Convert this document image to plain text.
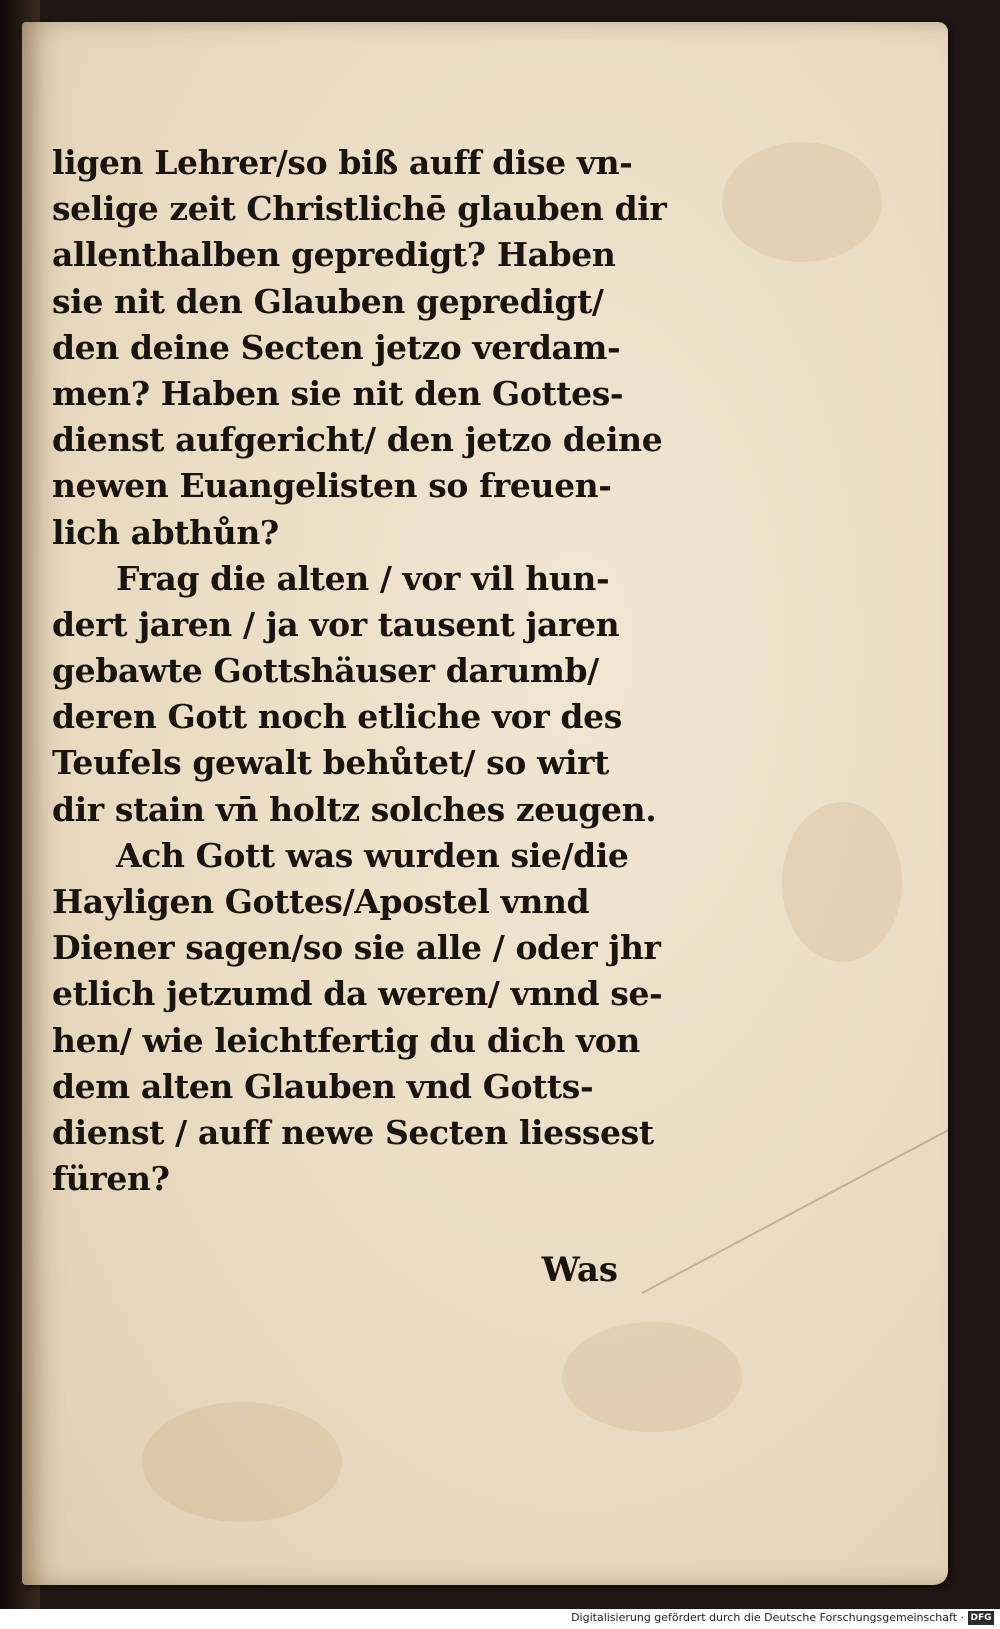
ligen Lehrer/so biß auff dise vn-
selige zeit Christlichē glauben dir
allenthalben gepredigt? Haben
sie nit den Glauben gepredigt/
den deine Secten jetzo verdam-
men? Haben sie nit den Gottes-
dienst aufgericht/ den jetzo deine
newen Euangelisten so freuen-
lich abthůn?
Frag die alten / vor vil hun-
dert jaren / ja vor tausent jaren
gebawte Gottshäuser darumb/
deren Gott noch etliche vor des
Teufels gewalt behůtet/ so wirt
dir stain vn̄ holtz solches zeugen.
Ach Gott was wurden sie/die
Hayligen Gottes/Apostel vnnd
Diener sagen/so sie alle / oder jhr
etlich jetzumd da weren/ vnnd se-
hen/ wie leichtfertig du dich von
dem alten Glauben vnd Gotts-
dienst / auff newe Secten liessest
füren?
Was
Digitalisierung gefördert durch die Deutsche Forschungsgemeinschaft · DFG
